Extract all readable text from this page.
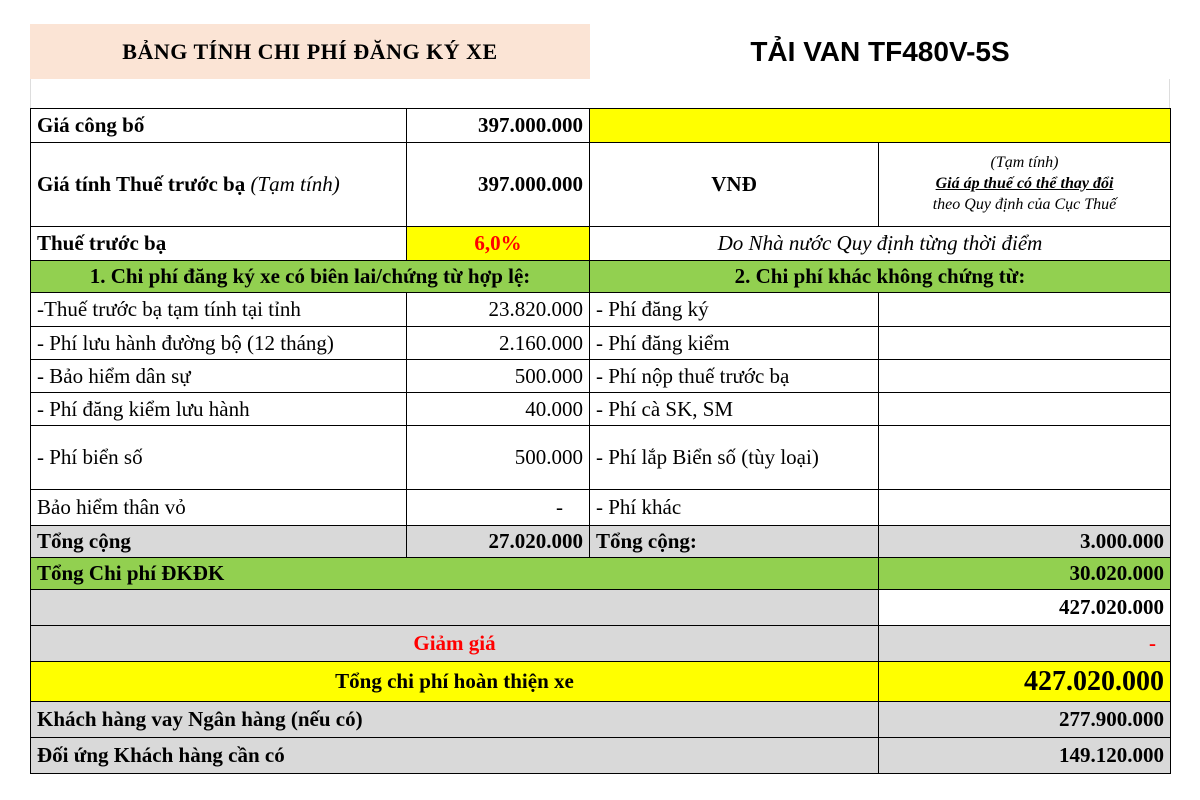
BẢNG TÍNH CHI PHÍ ĐĂNG KÝ XE	TẢI VAN TF480V-5S
Giá công bố	397.000.000		
Giá tính Thuế trước bạ (Tạm tính)	397.000.000	VNĐ	(Tạm tính)
Giá áp thuế có thể thay đổi
theo Quy định của Cục Thuế

Thuế trước bạ	6,0%	Do Nhà nước Quy định từng thời điểm	
1. Chi phí đăng ký xe có biên lai/chứng từ hợp lệ:		2. Chi phí khác không chứng từ:	
-Thuế trước bạ tạm tính tại tỉnh	23.820.000	- Phí đăng ký	
- Phí lưu hành đường bộ (12 tháng)	2.160.000	- Phí đăng kiểm	
- Bảo hiểm dân sự	500.000	- Phí nộp thuế trước bạ	
- Phí đăng kiểm lưu hành	40.000	- Phí cà SK, SM	
- Phí biển số	500.000	- Phí lắp Biển số (tùy loại)	
Bảo hiểm thân vỏ	-	- Phí khác	
Tổng cộng	27.020.000	Tổng cộng:	3.000.000
Tổng Chi phí ĐKĐK			30.020.000
			427.020.000
Giảm giá			-
Tổng chi phí hoàn thiện xe			427.020.000
Khách hàng vay Ngân hàng (nếu có)			277.900.000
Đối ứng Khách hàng cần có			149.120.000
